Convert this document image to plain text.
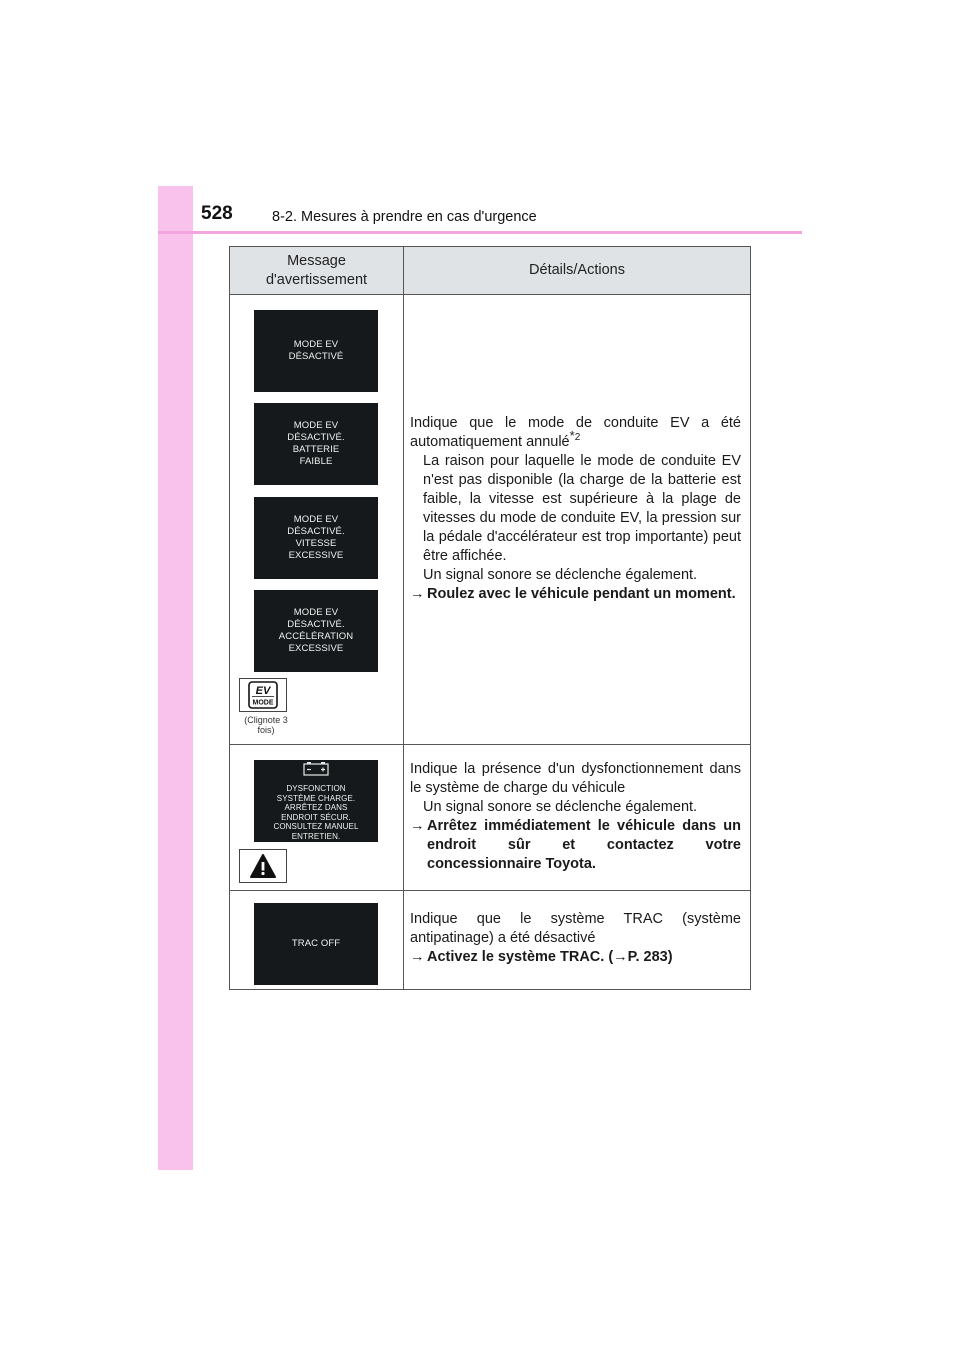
528	8-2. Mesures à prendre en cas d'urgence
Message d'avertissement
Détails/Actions
MODE EV
DÉSACTIVÉ
MODE EV
DÉSACTIVÉ.
BATTERIE
FAIBLE
MODE EV
DÉSACTIVÉ.
VITESSE
EXCESSIVE
MODE EV
DÉSACTIVÉ.
ACCÉLÉRATION
EXCESSIVE
EV
MODE
(Clignote 3 fois)

Indique que le mode de conduite EV a été automatiquement annulé$^{*2}$

La raison pour laquelle le mode de conduite EV n'est pas disponible (la charge de la batterie est faible, la vitesse est supérieure à la plage de vitesses du mode de conduite EV, la pression sur la pédale d'accélérateur est trop importante) peut être affichée.

Un signal sonore se déclenche également.

→ Roulez avec le véhicule pendant un moment.
DYSFONCTION
SYSTÈME CHARGE.
ARRÊTEZ DANS
ENDROIT SÉCUR.
CONSULTEZ MANUEL
ENTRETIEN.

Indique la présence d'un dysfonctionnement dans le système de charge du véhicule

Un signal sonore se déclenche également.

→ Arrêtez immédiatement le véhicule dans un endroit sûr et contactez votre concessionnaire Toyota.
TRAC OFF

Indique que le système TRAC (système antipatinage) a été désactivé

→ Activez le système TRAC. (→P. 283)
